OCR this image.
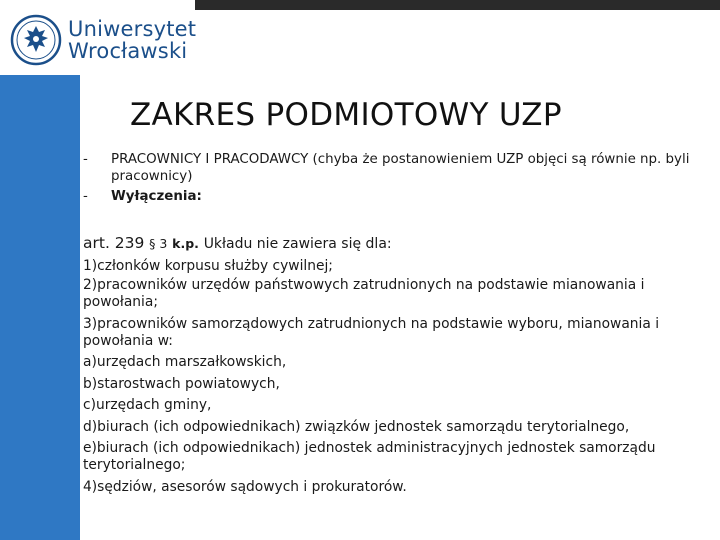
Uniwersytet
Wrocławski
ZAKRES PODMIOTOWY UZP
-	PRACOWNICY I PRACODAWCY (chyba że postanowieniem UZP objęci są równie np. byli pracownicy)
-	Wyłączenia:
art. 239 § 3 k.p. Układu nie zawiera się dla:
1)członków korpusu służby cywilnej;
2)pracowników urzędów państwowych zatrudnionych na podstawie mianowania i powołania;
3)pracowników samorządowych zatrudnionych na podstawie wyboru, mianowania i powołania w:
a)urzędach marszałkowskich,
b)starostwach powiatowych,
c)urzędach gminy,
d)biurach (ich odpowiednikach) związków jednostek samorządu terytorialnego,
e)biurach (ich odpowiednikach) jednostek administracyjnych jednostek samorządu terytorialnego;
4)sędziów, asesorów sądowych i prokuratorów.
